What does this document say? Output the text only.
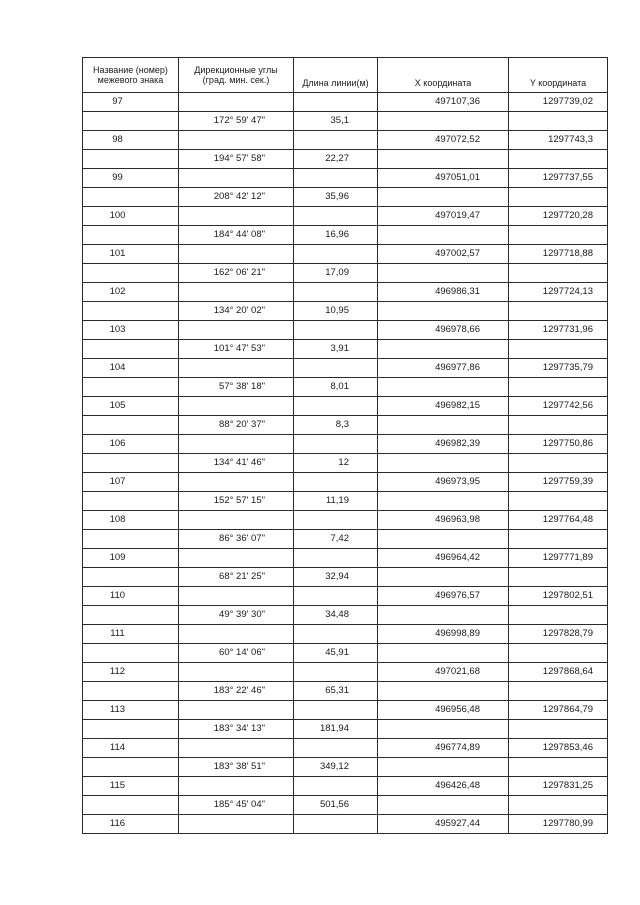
Название (номер) межевого знака	Дирекционные углы (град. мин. сек.)	Длина линии(м)	X координата	Y координата
97			497107,36	1297739,02
	172° 59' 47"	35,1		
98			497072,52	1297743,3
	194° 57' 58"	22,27		
99			497051,01	1297737,55
	208° 42' 12"	35,96		
100			497019,47	1297720,28
	184° 44' 08"	16,96		
101			497002,57	1297718,88
	162° 06' 21"	17,09		
102			496986,31	1297724,13
	134° 20' 02"	10,95		
103			496978,66	1297731,96
	101° 47' 53"	3,91		
104			496977,86	1297735,79
	57° 38' 18"	8,01		
105			496982,15	1297742,56
	88° 20' 37"	8,3		
106			496982,39	1297750,86
	134° 41' 46"	12		
107			496973,95	1297759,39
	152° 57' 15"	11,19		
108			496963,98	1297764,48
	86° 36' 07"	7,42		
109			496964,42	1297771,89
	68° 21' 25"	32,94		
110			496976,57	1297802,51
	49° 39' 30"	34,48		
111			496998,89	1297828,79
	60° 14' 06"	45,91		
112			497021,68	1297868,64
	183° 22' 46"	65,31		
113			496956,48	1297864,79
	183° 34' 13"	181,94		
114			496774,89	1297853,46
	183° 38' 51"	349,12		
115			496426,48	1297831,25
	185° 45' 04"	501,56		
116			495927,44	1297780,99
